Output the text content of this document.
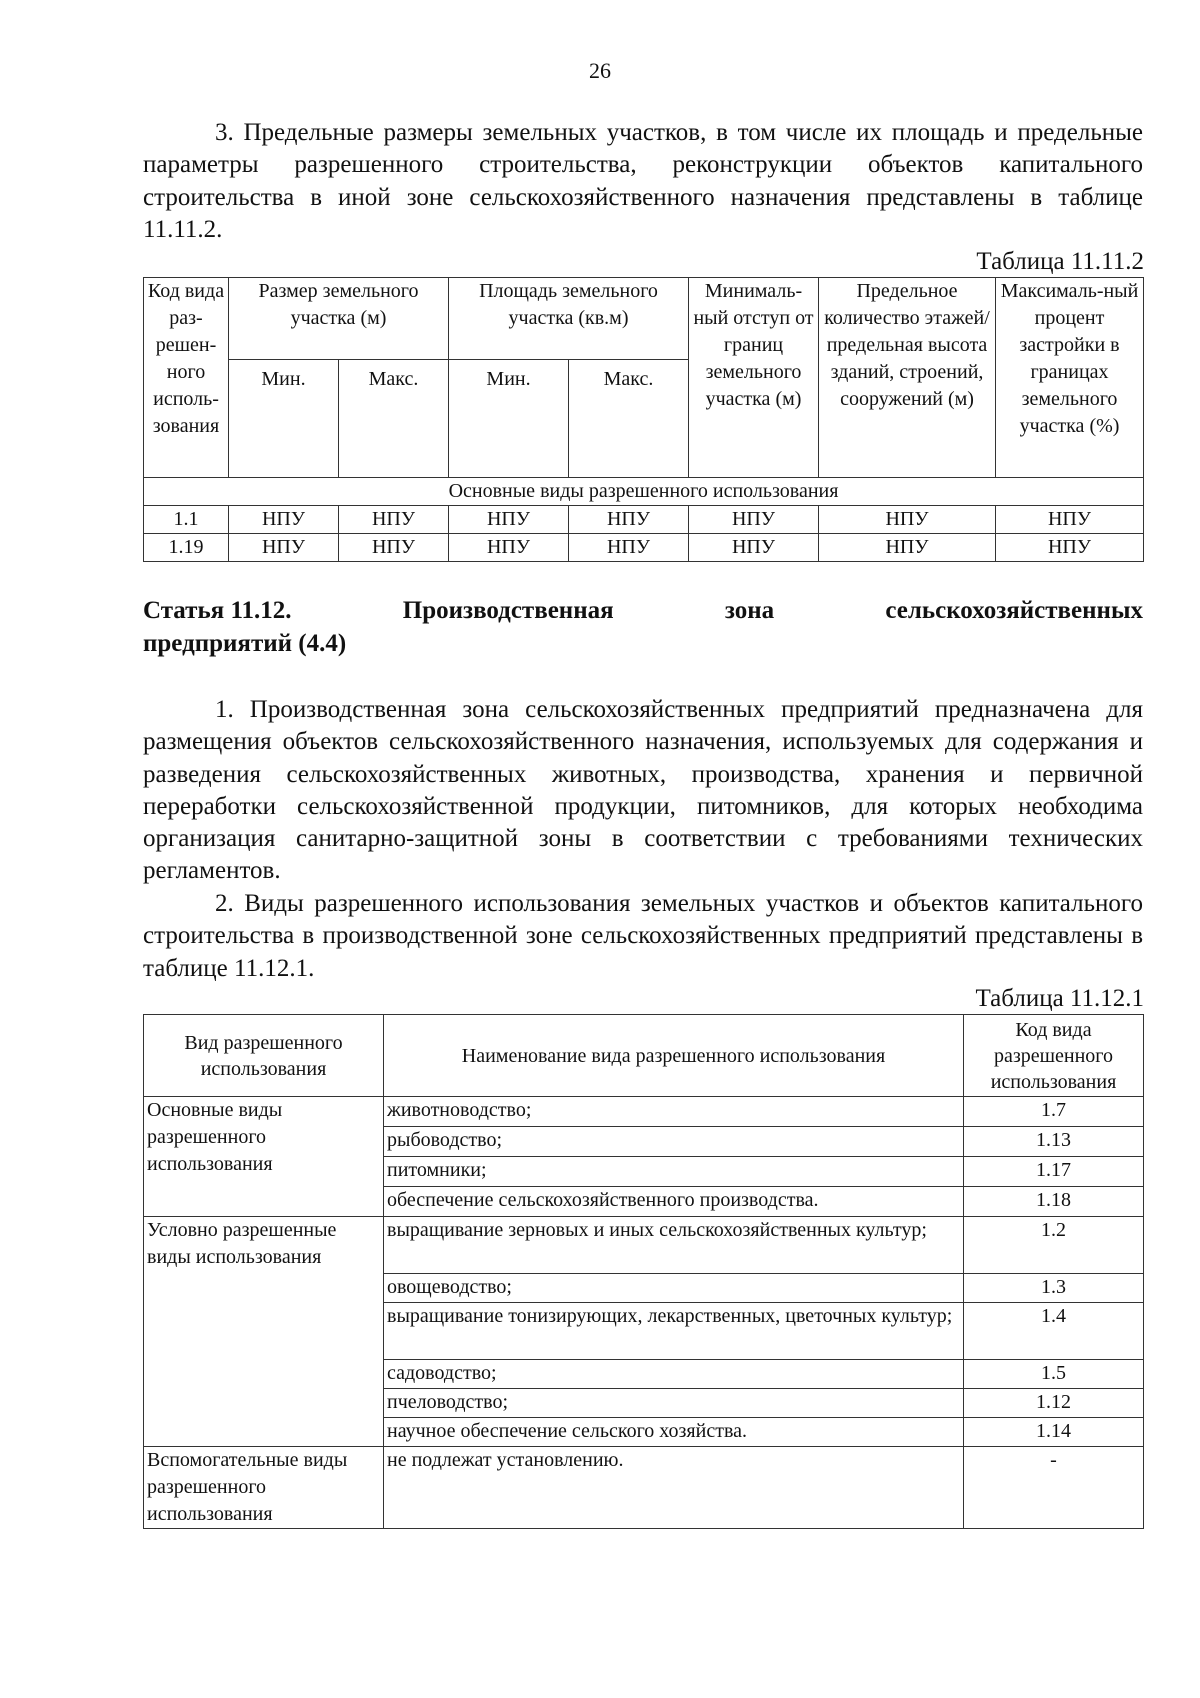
26
3. Предельные размеры земельных участков, в том числе их площадь и предельные параметры разрешенного строительства, реконструкции объектов капитального строительства в иной зоне сельскохозяйственного назначения представлены в таблице 11.11.2.
Таблица 11.11.2
Код вида раз-решен-ного исполь-зования	Размер земельного участка (м)		Площадь земельного участка (кв.м)		Минималь-ный отступ от границ земельного участка (м)	Предельное количество этажей/ предельная высота зданий, строений, сооружений (м)	Максималь-ный процент застройки в границах земельного участка (%)
	Мин.	Макс.	Мин.	Макс.			
Основные виды разрешенного использования							
1.1	НПУ	НПУ	НПУ	НПУ	НПУ	НПУ	НПУ
1.19	НПУ	НПУ	НПУ	НПУ	НПУ	НПУ	НПУ
Статья 11.12.	Производственная	зона	сельскохозяйственных
предприятий (4.4)
1. Производственная зона сельскохозяйственных предприятий предназначена для размещения объектов сельскохозяйственного назначения, используемых для содержания и разведения сельскохозяйственных животных, производства, хранения и первичной переработки сельскохозяйственной продукции, питомников, для которых необходима организация санитарно-защитной зоны в соответствии с требованиями технических регламентов.
2. Виды разрешенного использования земельных участков и объектов капитального строительства в производственной зоне сельскохозяйственных предприятий представлены в таблице 11.12.1.
Таблица 11.12.1
Вид разрешенного использования	Наименование вида разрешенного использования	Код вида разрешенного использования
Основные виды разрешенного использования	животноводство;	1.7
	рыбоводство;	1.13
	питомники;	1.17
	обеспечение сельскохозяйственного производства.	1.18
Условно разрешенные виды использования	выращивание зерновых и иных сельскохозяйственных культур;	1.2
	овощеводство;	1.3
	выращивание тонизирующих, лекарственных, цветочных культур;	1.4
	садоводство;	1.5
	пчеловодство;	1.12
	научное обеспечение сельского хозяйства.	1.14
Вспомогательные виды разрешенного использования	не подлежат установлению.	-
